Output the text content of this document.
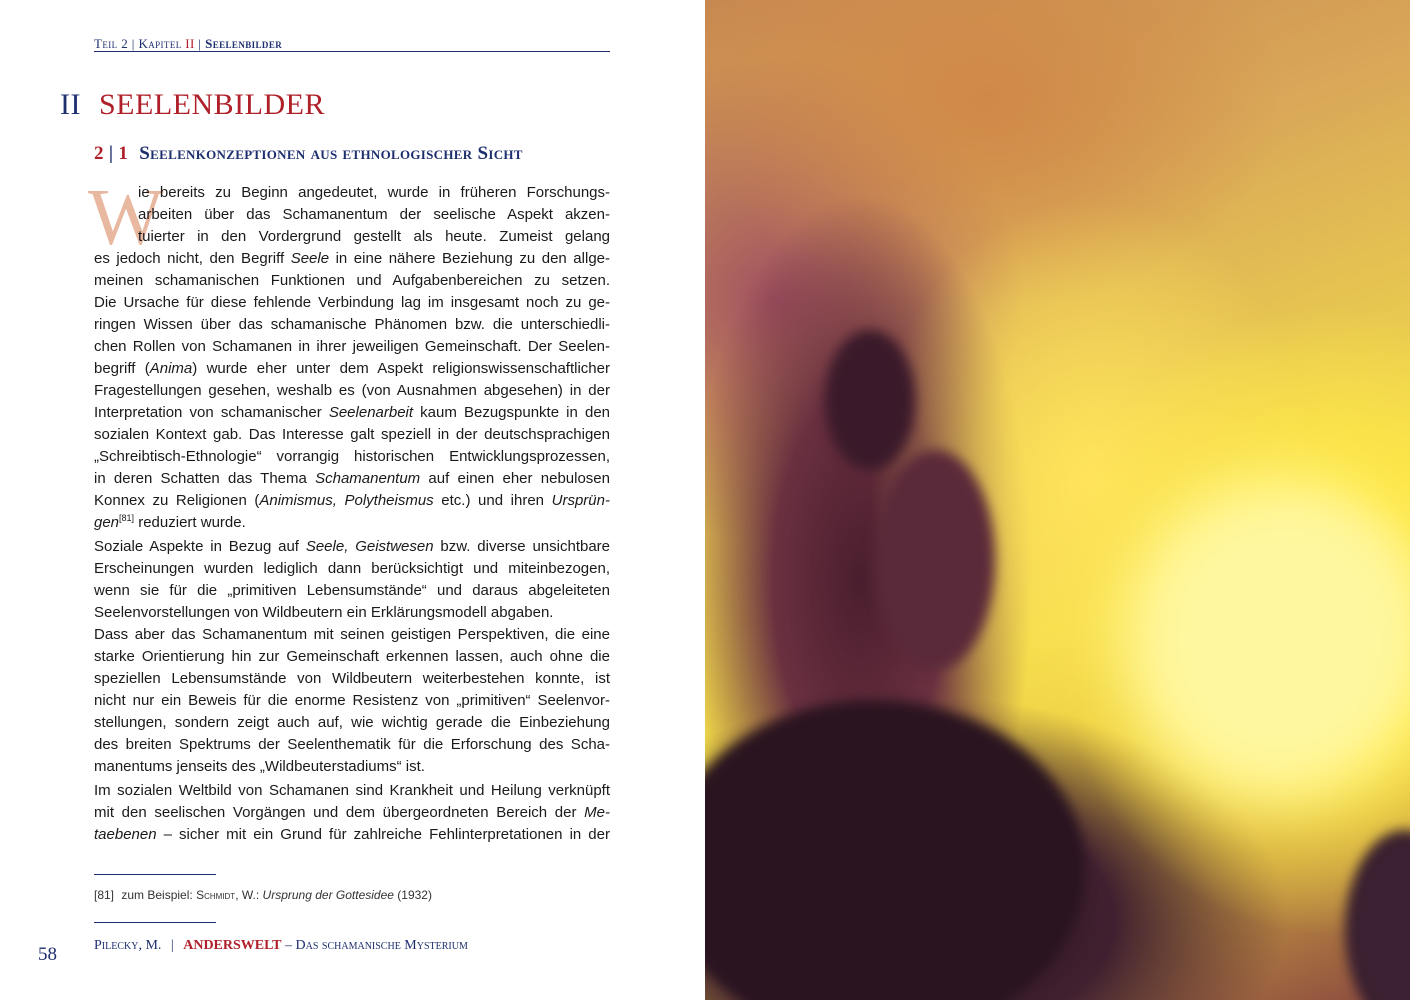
Teil 2 | Kapitel II | Seelenbilder
II SEELENBILDER
2 | 1 Seelenkonzeptionen aus ethnologischer Sicht
W
ie bereits zu Beginn angedeutet, wurde in früheren Forschungs-
arbeiten über das Schamanentum der seelische Aspekt akzen-
tuierter in den Vordergrund gestellt als heute. Zumeist gelang
es jedoch nicht, den Begriff Seele in eine nähere Beziehung zu den allge-
meinen schamanischen Funktionen und Aufgabenbereichen zu setzen.
Die Ursache für diese fehlende Verbindung lag im insgesamt noch zu ge-
ringen Wissen über das schamanische Phänomen bzw. die unterschiedli-
chen Rollen von Schamanen in ihrer jeweiligen Gemeinschaft. Der Seelen-
begriff (Anima) wurde eher unter dem Aspekt religionswissenschaftlicher
Fragestellungen gesehen, weshalb es (von Ausnahmen abgesehen) in der
Interpretation von schamanischer Seelenarbeit kaum Bezugspunkte in den
sozialen Kontext gab. Das Interesse galt speziell in der deutschsprachigen
„Schreibtisch-Ethnologie“ vorrangig historischen Entwicklungsprozessen,
in deren Schatten das Thema Schamanentum auf einen eher nebulosen
Konnex zu Religionen (Animismus, Polytheismus etc.) und ihren Ursprün-
gen[81] reduziert wurde.
Soziale Aspekte in Bezug auf Seele, Geistwesen bzw. diverse unsichtbare
Erscheinungen wurden lediglich dann berücksichtigt und miteinbezogen,
wenn sie für die „primitiven Lebensumstände“ und daraus abgeleiteten
Seelenvorstellungen von Wildbeutern ein Erklärungsmodell abgaben.
Dass aber das Schamanentum mit seinen geistigen Perspektiven, die eine
starke Orientierung hin zur Gemeinschaft erkennen lassen, auch ohne die
speziellen Lebensumstände von Wildbeutern weiterbestehen konnte, ist
nicht nur ein Beweis für die enorme Resistenz von „primitiven“ Seelenvor-
stellungen, sondern zeigt auch auf, wie wichtig gerade die Einbeziehung
des breiten Spektrums der Seelenthematik für die Erforschung des Scha-
manentums jenseits des „Wildbeuterstadiums“ ist.
Im sozialen Weltbild von Schamanen sind Krankheit und Heilung verknüpft
mit den seelischen Vorgängen und dem übergeordneten Bereich der Me-
taebenen – sicher mit ein Grund für zahlreiche Fehlinterpretationen in der
[81] zum Beispiel: Schmidt, W.: Ursprung der Gottesidee (1932)
58	Pilecky, M. | ANDERSWELT – Das schamanische Mysterium
